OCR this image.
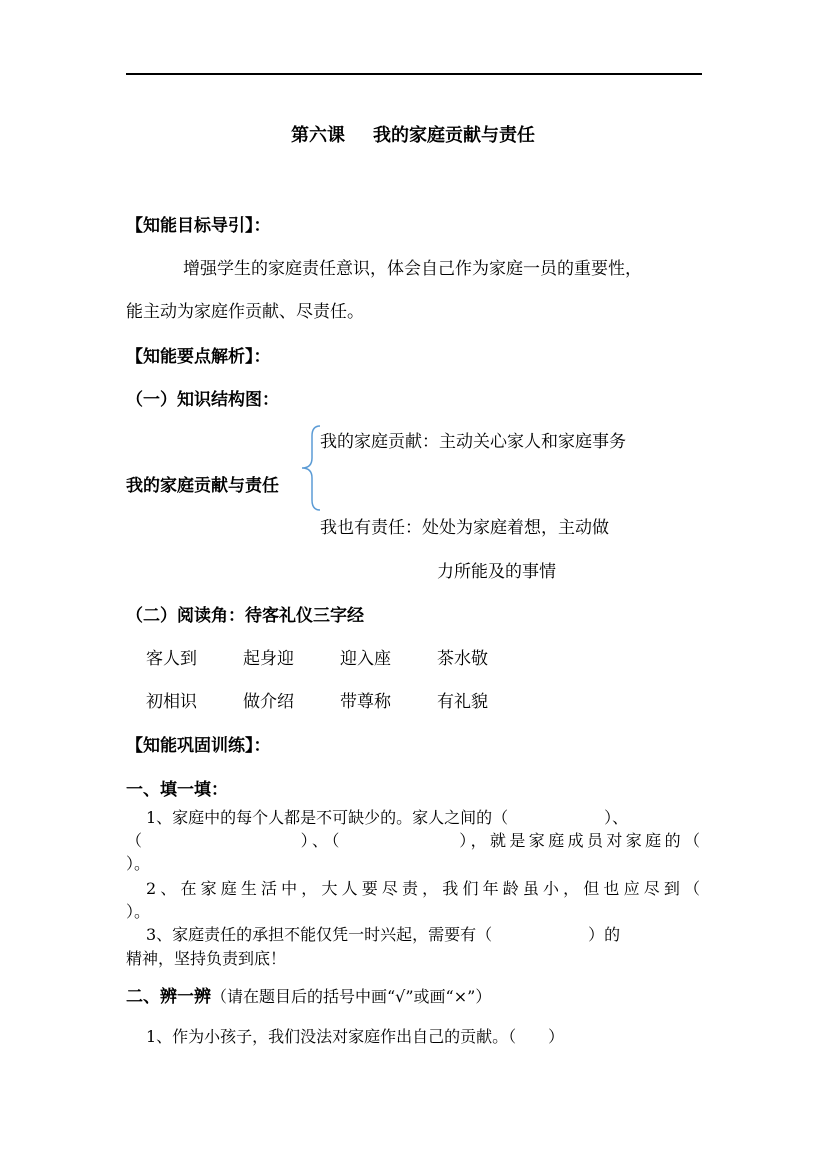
第六课 我的家庭贡献与责任
【知能目标导引】：
增强学生的家庭责任意识，体会自己作为家庭一员的重要性，
能主动为家庭作贡献、尽责任。
【知能要点解析】：
（一）知识结构图：
我的家庭贡献与责任
我的家庭贡献：主动关心家人和家庭事务
我也有责任：处处为家庭着想，主动做
力所能及的事情
（二）阅读角：待客礼仪三字经
客人到	起身迎	迎入座	茶水敬
初相识	做介绍	带尊称	有礼貌
【知能巩固训练】：
一、填一填：
1、家庭中的每个人都是不可缺少的。家人之间的（　　　　　　）、
（　　　　　　　　）、（　　　　　　），就是家庭成员对家庭的（
）。
2、在家庭生活中，大人要尽责，我们年龄虽小，但也应尽到（
）。
3、家庭责任的承担不能仅凭一时兴起，需要有（　　　　　　）的
精神，坚持负责到底！
二、辨一辨（请在题目后的括号中画“√”或画“×”）
1、作为小孩子，我们没法对家庭作出自己的贡献。（　　）
